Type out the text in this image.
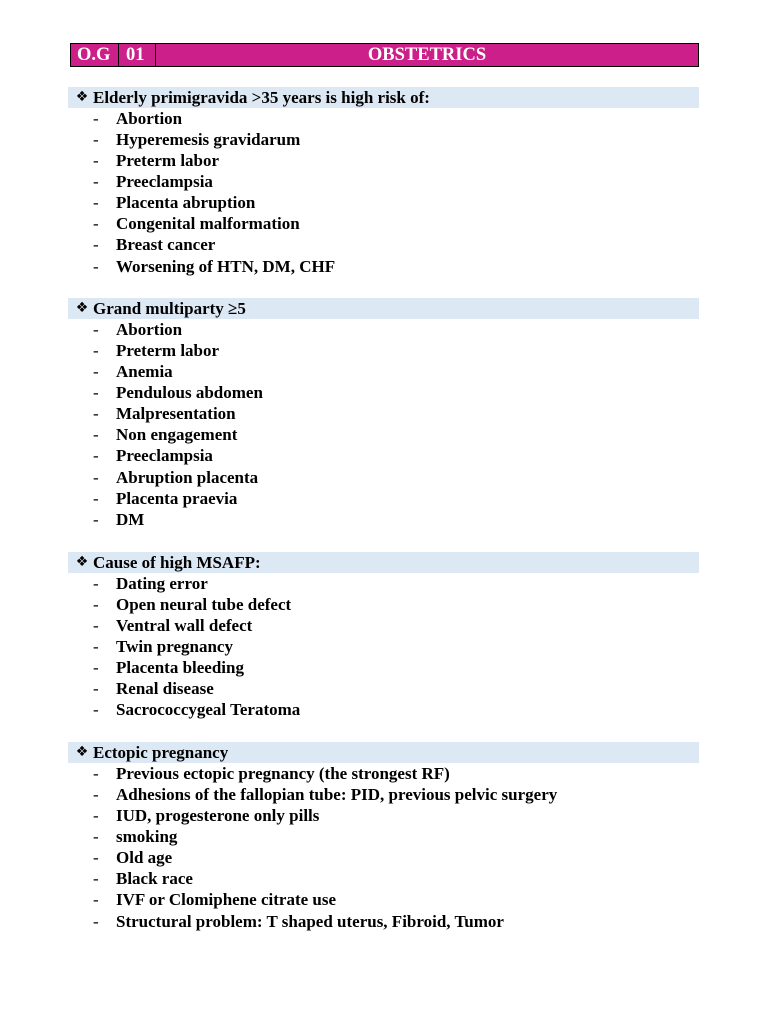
O.G 01	OBSTETRICS
❖ Elderly primigravida >35 years is high risk of:
-	Abortion
-	Hyperemesis gravidarum
-	Preterm labor
-	Preeclampsia
-	Placenta abruption
-	Congenital malformation
-	Breast cancer
-	Worsening of HTN, DM, CHF
❖ Grand multiparty ≥5
-	Abortion
-	Preterm labor
-	Anemia
-	Pendulous abdomen
-	Malpresentation
-	Non engagement
-	Preeclampsia
-	Abruption placenta
-	Placenta praevia
-	DM
❖ Cause of high MSAFP:
-	Dating error
-	Open neural tube defect
-	Ventral wall defect
-	Twin pregnancy
-	Placenta bleeding
-	Renal disease
-	Sacrococcygeal Teratoma
❖ Ectopic pregnancy
-	Previous ectopic pregnancy (the strongest RF)
-	Adhesions of the fallopian tube: PID, previous pelvic surgery
-	IUD, progesterone only pills
-	smoking
-	Old age
-	Black race
-	IVF or Clomiphene citrate use
-	Structural problem: T shaped uterus, Fibroid, Tumor
